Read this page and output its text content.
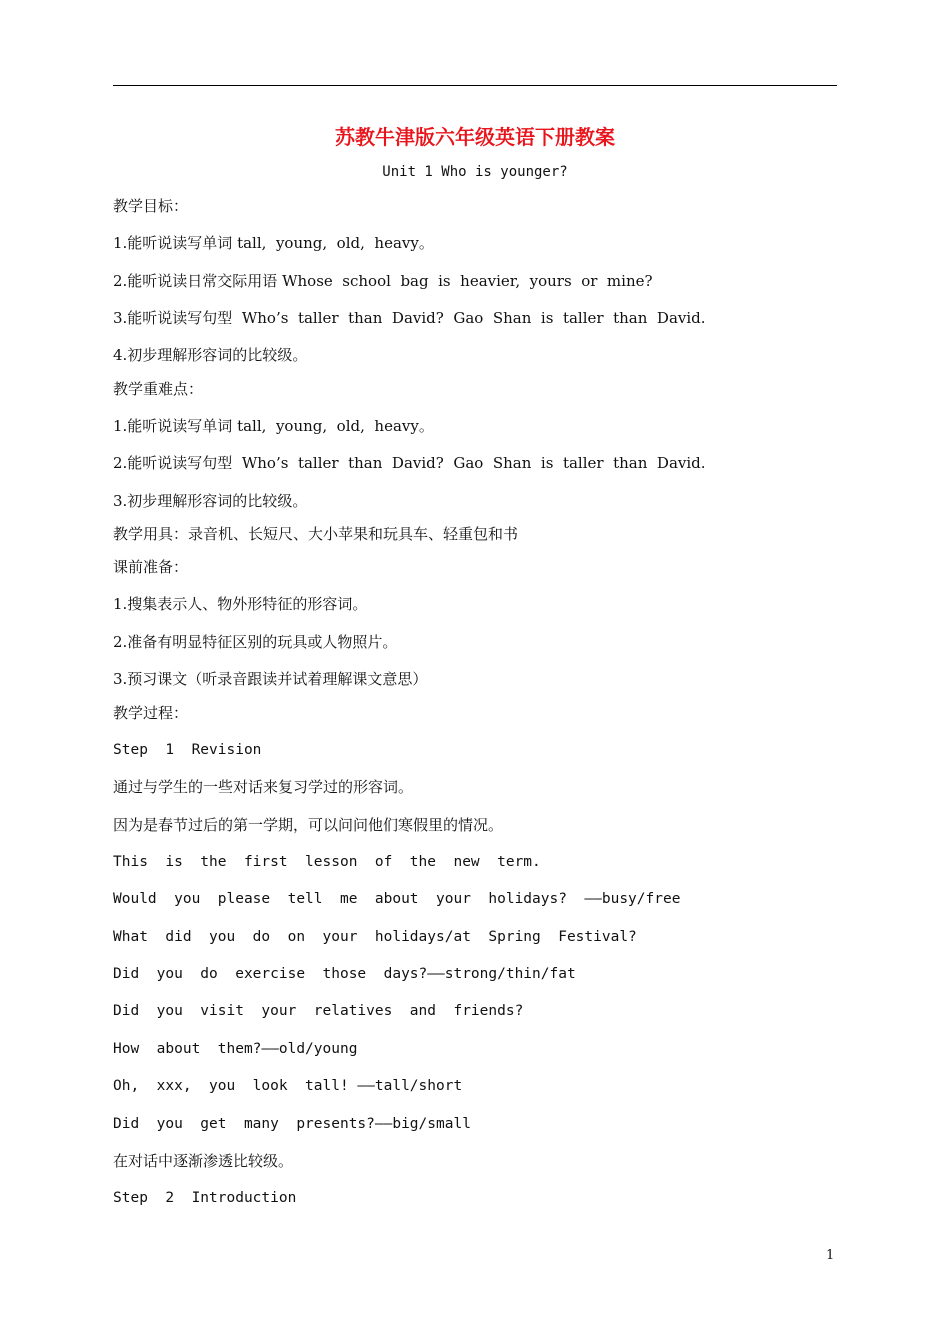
苏教牛津版六年级英语下册教案
Unit 1 Who is younger?
教学目标：
1.能听说读写单词 tall,  young,  old,  heavy。
2.能听说读日常交际用语 Whose  school  bag  is  heavier,  yours  or  mine?
3.能听说读写句型  Who’s  taller  than  David?  Gao  Shan  is  taller  than  David.
4.初步理解形容词的比较级。
教学重难点：
1.能听说读写单词 tall,  young,  old,  heavy。
2.能听说读写句型  Who’s  taller  than  David?  Gao  Shan  is  taller  than  David.
3.初步理解形容词的比较级。
教学用具：录音机、长短尺、大小苹果和玩具车、轻重包和书
课前准备：
1.搜集表示人、物外形特征的形容词。
2.准备有明显特征区别的玩具或人物照片。
3.预习课文（听录音跟读并试着理解课文意思）
教学过程：
Step  1  Revision
通过与学生的一些对话来复习学过的形容词。
因为是春节过后的第一学期，可以问问他们寒假里的情况。
This  is  the  first  lesson  of  the  new  term.
Would  you  please  tell  me  about  your  holidays?  ——busy/free
What  did  you  do  on  your  holidays/at  Spring  Festival?
Did  you  do  exercise  those  days?——strong/thin/fat
Did  you  visit  your  relatives  and  friends?
How  about  them?——old/young
Oh,  xxx,  you  look  tall! ——tall/short
Did  you  get  many  presents?——big/small
在对话中逐渐渗透比较级。
Step  2  Introduction
1
